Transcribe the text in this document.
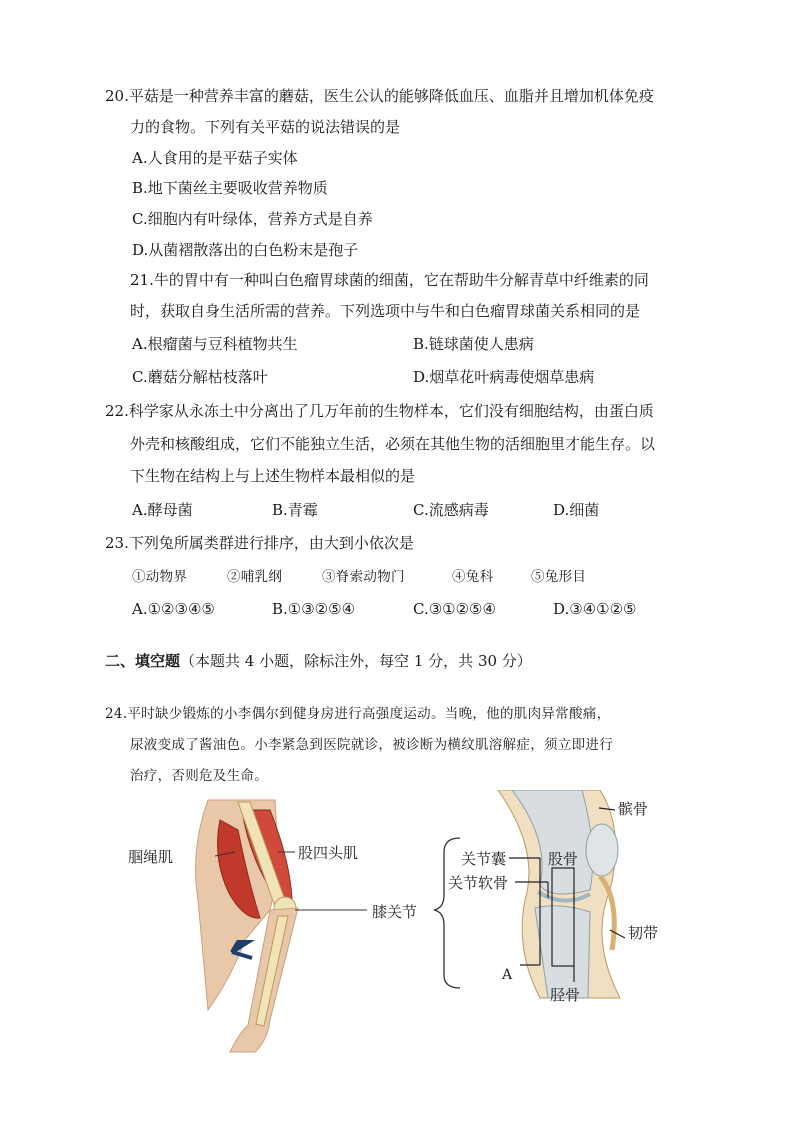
20.平菇是一种营养丰富的蘑菇，医生公认的能够降低血压、血脂并且增加机体免疫
力的食物。下列有关平菇的说法错误的是
A.人食用的是平菇子实体
B.地下菌丝主要吸收营养物质
C.细胞内有叶绿体，营养方式是自养
D.从菌褶散落出的白色粉末是孢子
21.牛的胃中有一种叫白色瘤胃球菌的细菌，它在帮助牛分解青草中纤维素的同
时，获取自身生活所需的营养。下列选项中与牛和白色瘤胃球菌关系相同的是
A.根瘤菌与豆科植物共生	B.链球菌使人患病
C.蘑菇分解枯枝落叶	D.烟草花叶病毒使烟草患病
22.科学家从永冻土中分离出了几万年前的生物样本，它们没有细胞结构，由蛋白质
外壳和核酸组成，它们不能独立生活，必须在其他生物的活细胞里才能生存。以
下生物在结构上与上述生物样本最相似的是
A.酵母菌	B.青霉	C.流感病毒	D.细菌
23.下列兔所属类群进行排序，由大到小依次是
①动物界	②哺乳纲	③脊索动物门	④兔科	⑤兔形目
A.①②③④⑤	B.①③②⑤④	C.③①②⑤④	D.③④①②⑤
二、填空题（本题共 4 小题，除标注外，每空 1 分，共 30 分）
24.平时缺少锻炼的小李偶尔到健身房进行高强度运动。当晚，他的肌肉异常酸痛，
尿液变成了酱油色。小李紧急到医院就诊，被诊断为横纹肌溶解症，须立即进行
治疗，否则危及生命。
腘绳肌	股四头肌
膝关节
关节囊
关节软骨
股骨
髌骨
韧带
A
胫骨
